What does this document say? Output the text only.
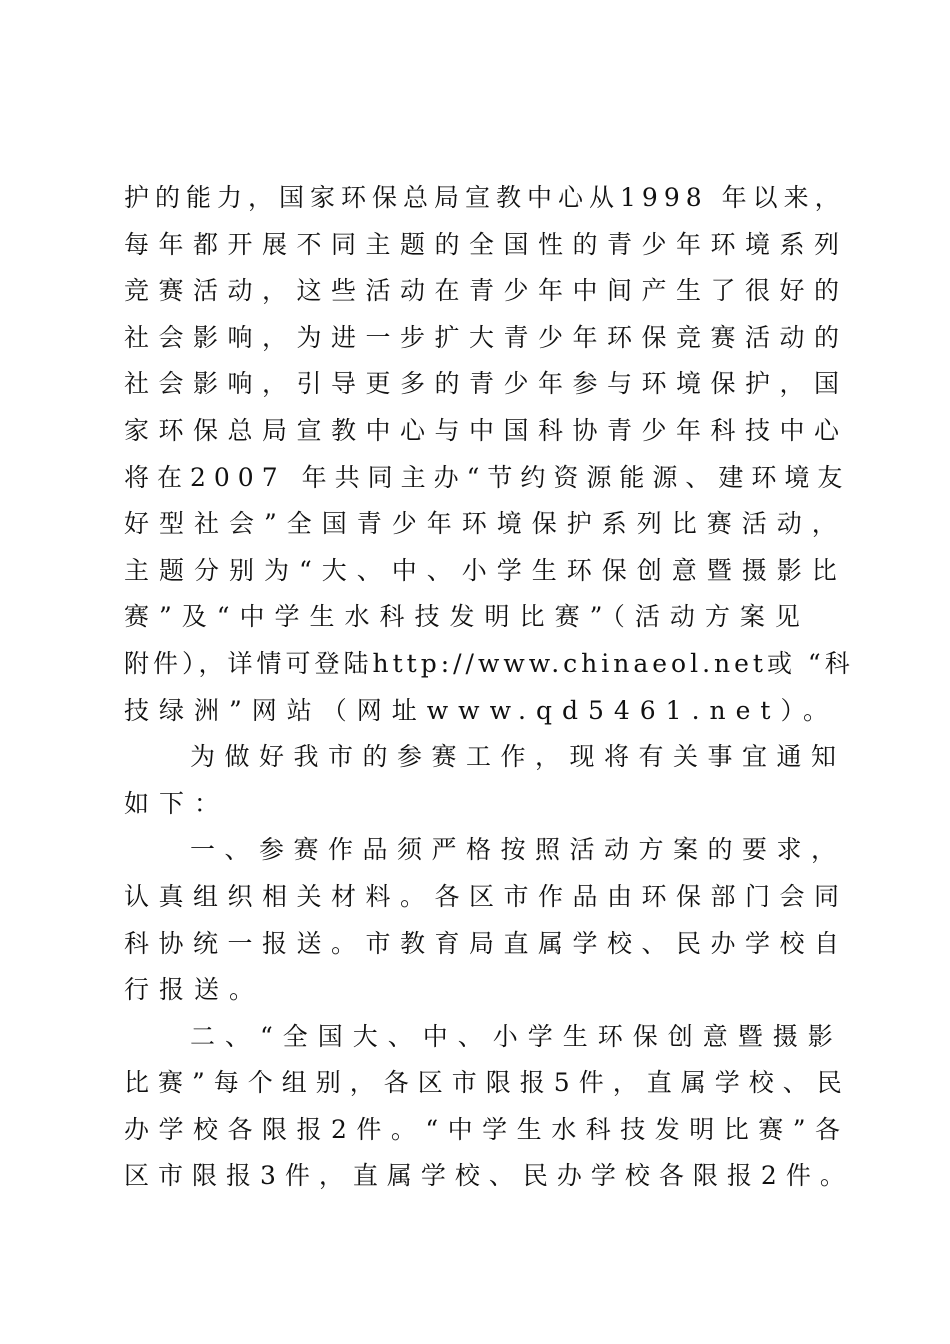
护的能力，国家环保总局宣教中心从1998 年以来，
每年都开展不同主题的全国性的青少年环境系列
竞赛活动，这些活动在青少年中间产生了很好的
社会影响，为进一步扩大青少年环保竞赛活动的
社会影响，引导更多的青少年参与环境保护，国
家环保总局宣教中心与中国科协青少年科技中心
将在2007 年共同主办“节约资源能源、建环境友
好型社会”全国青少年环境保护系列比赛活动，
主题分别为“大、中、小学生环保创意暨摄影比
赛”及“中学生水科技发明比赛”（活动方案见
附件），详情可登陆http://www.chinaeol.net或 “科
技绿洲”网站（网址www.qd5461.net）。
为做好我市的参赛工作，现将有关事宜通知
如下：
一、参赛作品须严格按照活动方案的要求，
认真组织相关材料。各区市作品由环保部门会同
科协统一报送。市教育局直属学校、民办学校自
行报送。
二、“全国大、中、小学生环保创意暨摄影
比赛”每个组别，各区市限报5件，直属学校、民
办学校各限报2件。“中学生水科技发明比赛”各
区市限报3件，直属学校、民办学校各限报2件。
